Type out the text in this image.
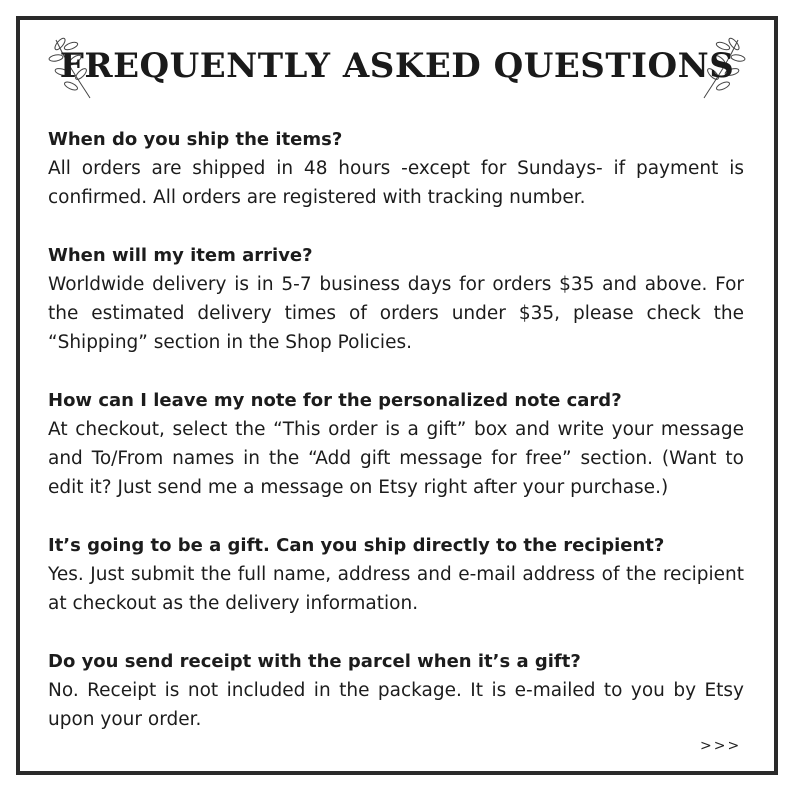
FREQUENTLY ASKED QUESTIONS

When do you ship the items?

All orders are shipped in 48 hours -except for Sundays- if payment is confirmed. All orders are registered with tracking number.

When will my item arrive?

Worldwide delivery is in 5-7 business days for orders $35 and above. For the estimated delivery times of orders under $35, please check the “Shipping” section in the Shop Policies.

How can I leave my note for the personalized note card?

At checkout, select the “This order is a gift” box and write your message and To/From names in the “Add gift message for free” section. (Want to edit it? Just send me a message on Etsy right after your purchase.)

It’s going to be a gift. Can you ship directly to the recipient?

Yes. Just submit the full name, address and e-mail address of the recipient at checkout as the delivery information.

Do you send receipt with the parcel when it’s a gift?

No. Receipt is not included in the package. It is e-mailed to you by Etsy upon your order.

>>>
